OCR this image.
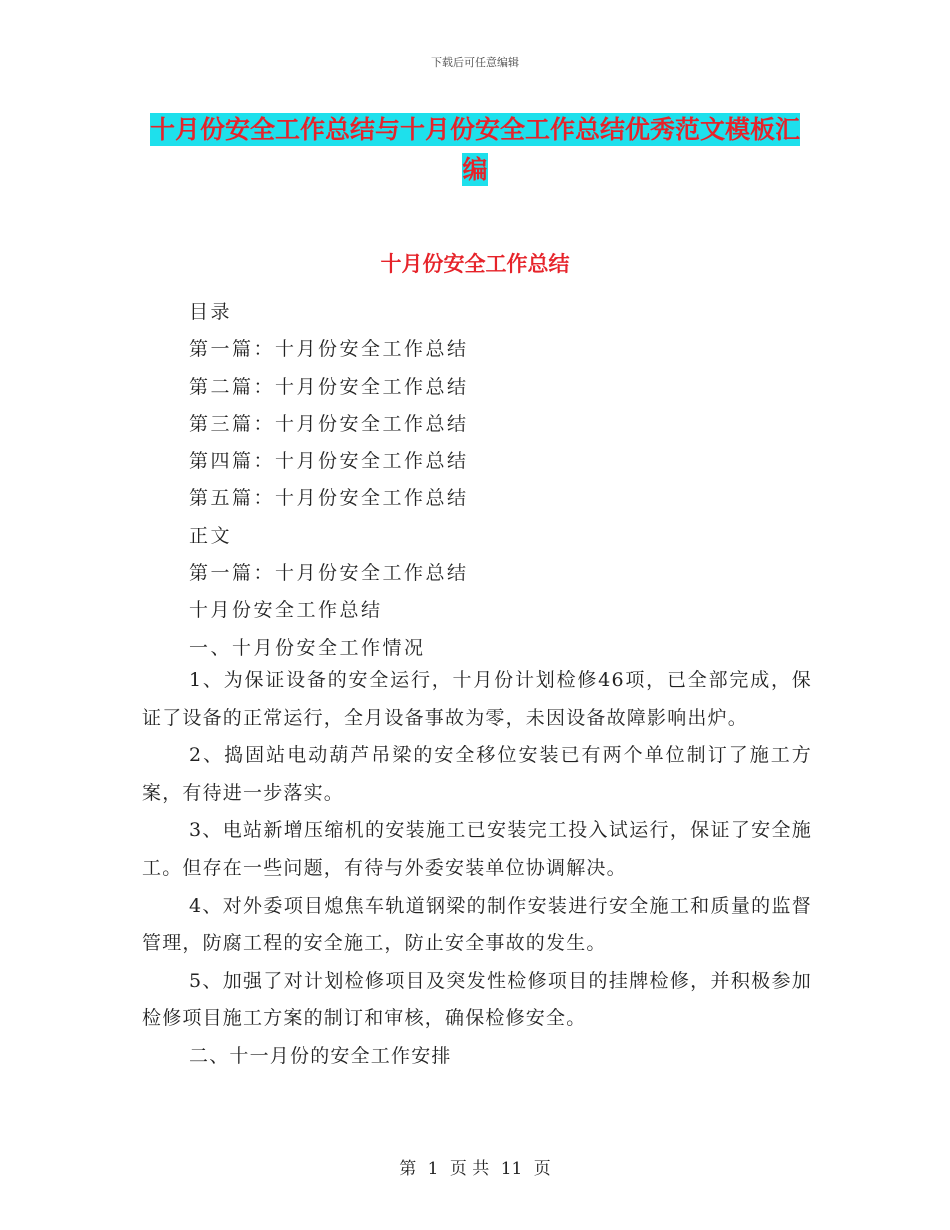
下载后可任意编辑
十月份安全工作总结与十月份安全工作总结优秀范文模板汇编
十月份安全工作总结
目录
第一篇：十月份安全工作总结
第二篇：十月份安全工作总结
第三篇：十月份安全工作总结
第四篇：十月份安全工作总结
第五篇：十月份安全工作总结
正文
第一篇：十月份安全工作总结
十月份安全工作总结
一、十月份安全工作情况

1、为保证设备的安全运行，十月份计划检修46项，已全部完成，保证了设备的正常运行，全月设备事故为零，未因设备故障影响出炉。

2、捣固站电动葫芦吊梁的安全移位安装已有两个单位制订了施工方案，有待进一步落实。

3、电站新增压缩机的安装施工已安装完工投入试运行，保证了安全施工。但存在一些问题，有待与外委安装单位协调解决。

4、对外委项目熄焦车轨道钢梁的制作安装进行安全施工和质量的监督管理，防腐工程的安全施工，防止安全事故的发生。

5、加强了对计划检修项目及突发性检修项目的挂牌检修，并积极参加检修项目施工方案的制订和审核，确保检修安全。

二、十一月份的安全工作安排

第 1 页 共 11 页
